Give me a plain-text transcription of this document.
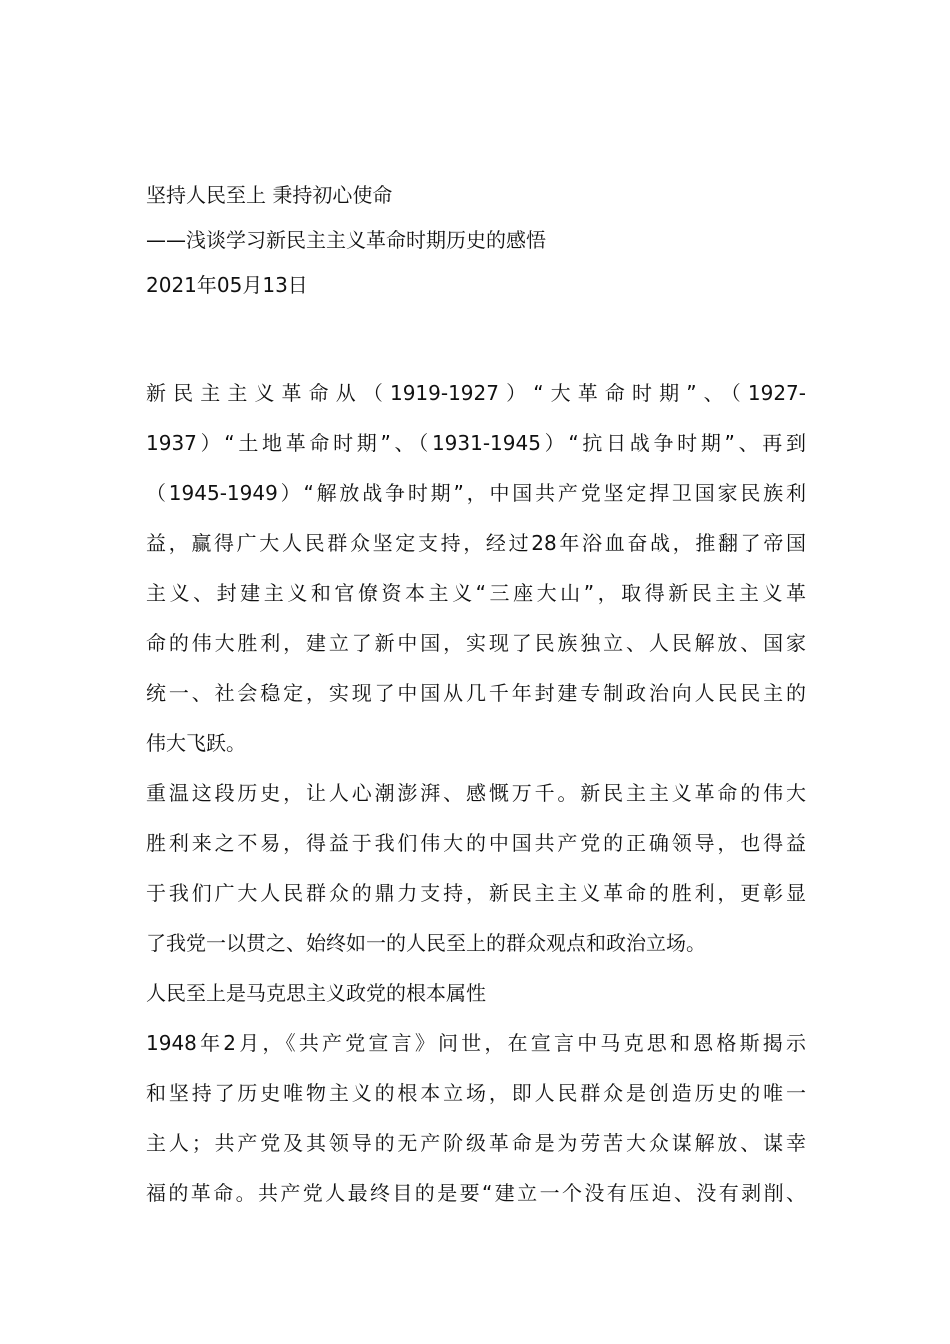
坚持人民至上 秉持初心使命
——浅谈学习新民主主义革命时期历史的感悟
2021年05月13日
新民主主义革命从（1919-1927）“大革命时期”、（1927-
1937）“土地革命时期”、（1931-1945）“抗日战争时期”、再到
（1945-1949）“解放战争时期”，中国共产党坚定捍卫国家民族利
益，赢得广大人民群众坚定支持，经过28年浴血奋战，推翻了帝国
主义、封建主义和官僚资本主义“三座大山”，取得新民主主义革
命的伟大胜利，建立了新中国，实现了民族独立、人民解放、国家
统一、社会稳定，实现了中国从几千年封建专制政治向人民民主的
伟大飞跃。
重温这段历史，让人心潮澎湃、感慨万千。新民主主义革命的伟大
胜利来之不易，得益于我们伟大的中国共产党的正确领导，也得益
于我们广大人民群众的鼎力支持，新民主主义革命的胜利，更彰显
了我党一以贯之、始终如一的人民至上的群众观点和政治立场。
人民至上是马克思主义政党的根本属性
1948年2月，《共产党宣言》问世，在宣言中马克思和恩格斯揭示
和坚持了历史唯物主义的根本立场，即人民群众是创造历史的唯一
主人；共产党及其领导的无产阶级革命是为劳苦大众谋解放、谋幸
福的革命。共产党人最终目的是要“建立一个没有压迫、没有剥削、
